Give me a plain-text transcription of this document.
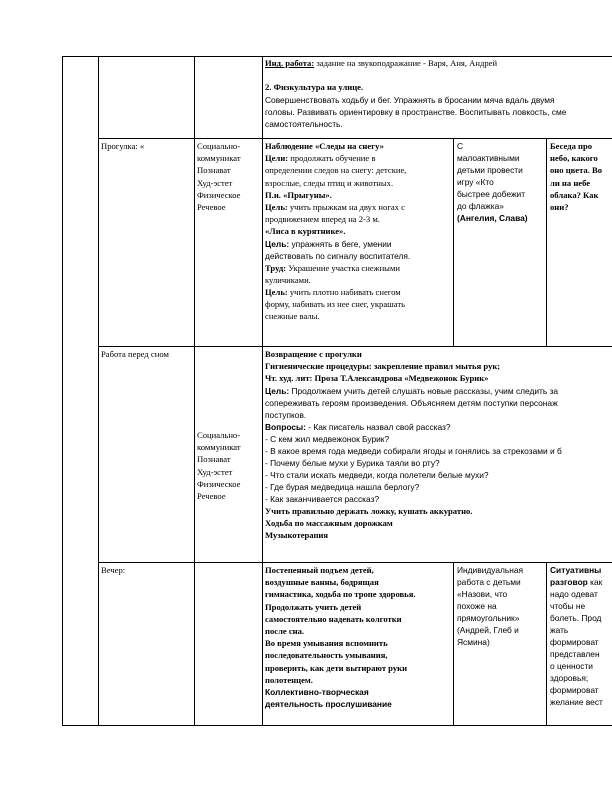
Инд. работа: задание на звукоподражание - Варя, Аня, Андрей

2. Физкультура на улице.

Совершенствовать ходьбу и бег. Упражнять в бросании мяча вдаль двумя

головы. Развивать ориентировку в пространстве. Воспитывать ловкость, сме

самостоятельность.

Прогулка: «	Социально-

коммуникат

Познават

Худ-эстет

Физическое

Речевое

Наблюдение «Следы на снегу»

Цели: продолжать обучение в

определении следов на снегу: детские,

взрослые, следы птиц и животных.

П.и. «Прыгуны».

Цель: учить прыжкам на двух ногах с

продвижением вперед на 2-3 м.

«Лиса в курятнике».

Цель: упражнять в беге, умении

действовать по сигналу воспитателя.

Труд: Украшение участка снежными

куличиками.

Цель: учить плотно набивать снегом

форму, набивать из нее снег, украшать

снежные валы.

С

малоактивными

детьми провести

игру «Кто

быстрее добежит

до флажка»

(Ангелия, Слава)

Беседа про

небо, какого

оно цвета. Во

ли на небе

облака? Как

они?

Работа перед сном

Социально-

коммуникат

Познават

Худ-эстет

Физическое

Речевое

Возвращение с прогулки

Гигиенические процедуры: закрепление правил мытья рук;

Чт. худ. лит: Проза Т.Александрова «Медвежонок Бурик»

Цель: Продолжаем учить детей слушать новые рассказы, учим следить за

сопереживать героям произведения. Объясняем детям поступки персонаж

поступков.

Вопросы: - Как писатель назвал свой рассказ?

- С кем жил медвежонок Бурик?

- В какое время года медведи собирали ягоды и гонялись за стрекозами и б

- Почему белые мухи у Бурика таяли во рту?

- Что стали искать медведи, когда полетели белые мухи?

- Где бурая медведица нашла берлогу?

- Как заканчивается рассказ?

Учить правильно держать ложку, кушать аккуратно.

Ходьба по массажным дорожкам

Музыкотерапия

Вечер:	Постепенный подъем детей,

воздушные ванны, бодрящая

гимнастика, ходьба по тропе здоровья.

Продолжать учить детей

самостоятельно надевать колготки

после сна.

Во время умывания вспомнить

последовательность умывания,

проверить, как дети вытирают руки

полотенцем.

Коллективно-творческая

деятельность прослушивание

Индивидуальная

работа с детьми

«Назови, что

похоже на

прямоугольник»

(Андрей, Глеб и

Ясмина)

Ситуативны

разговор как

надо одеват

чтобы не

болеть. Прод

жать

формироват

представлен

о ценности

здоровья;

формироват

желание вест
